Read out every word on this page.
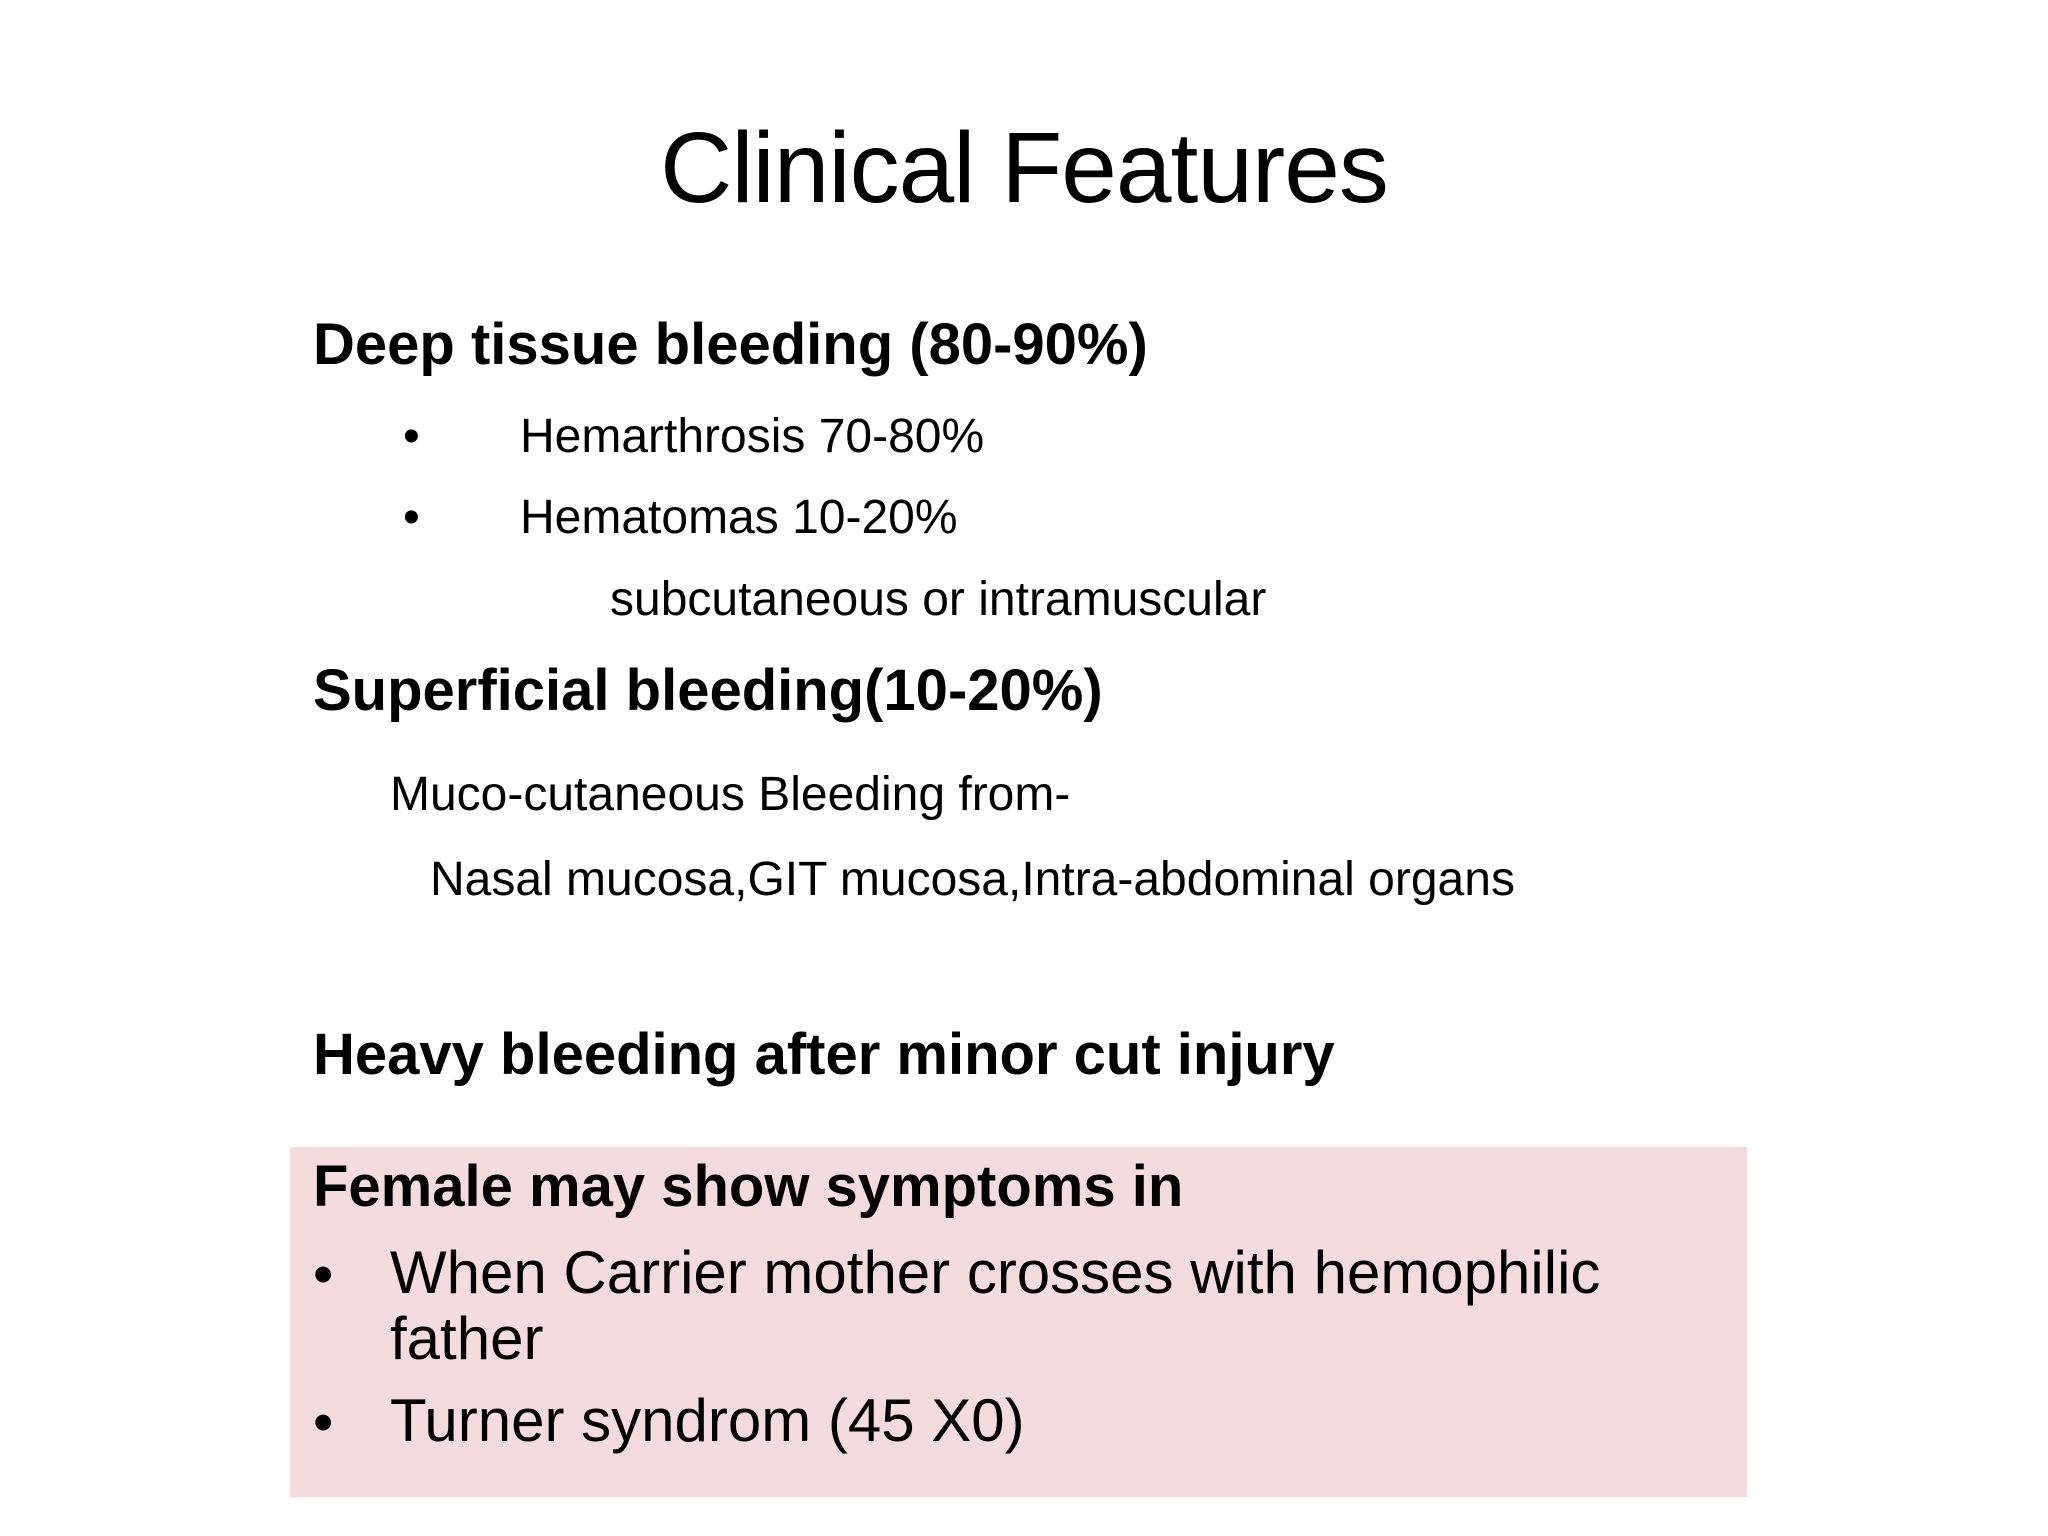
Clinical Features
Deep tissue bleeding (80-90%)
• Hemarthrosis 70-80%
• Hematomas 10-20%
subcutaneous or intramuscular
Superficial bleeding(10-20%)
Muco-cutaneous Bleeding from-
Nasal mucosa,GIT mucosa,Intra-abdominal organs
Heavy bleeding after minor cut injury
Female may show symptoms in
• When Carrier mother crosses with hemophilic father
• Turner syndrom (45 X0)
